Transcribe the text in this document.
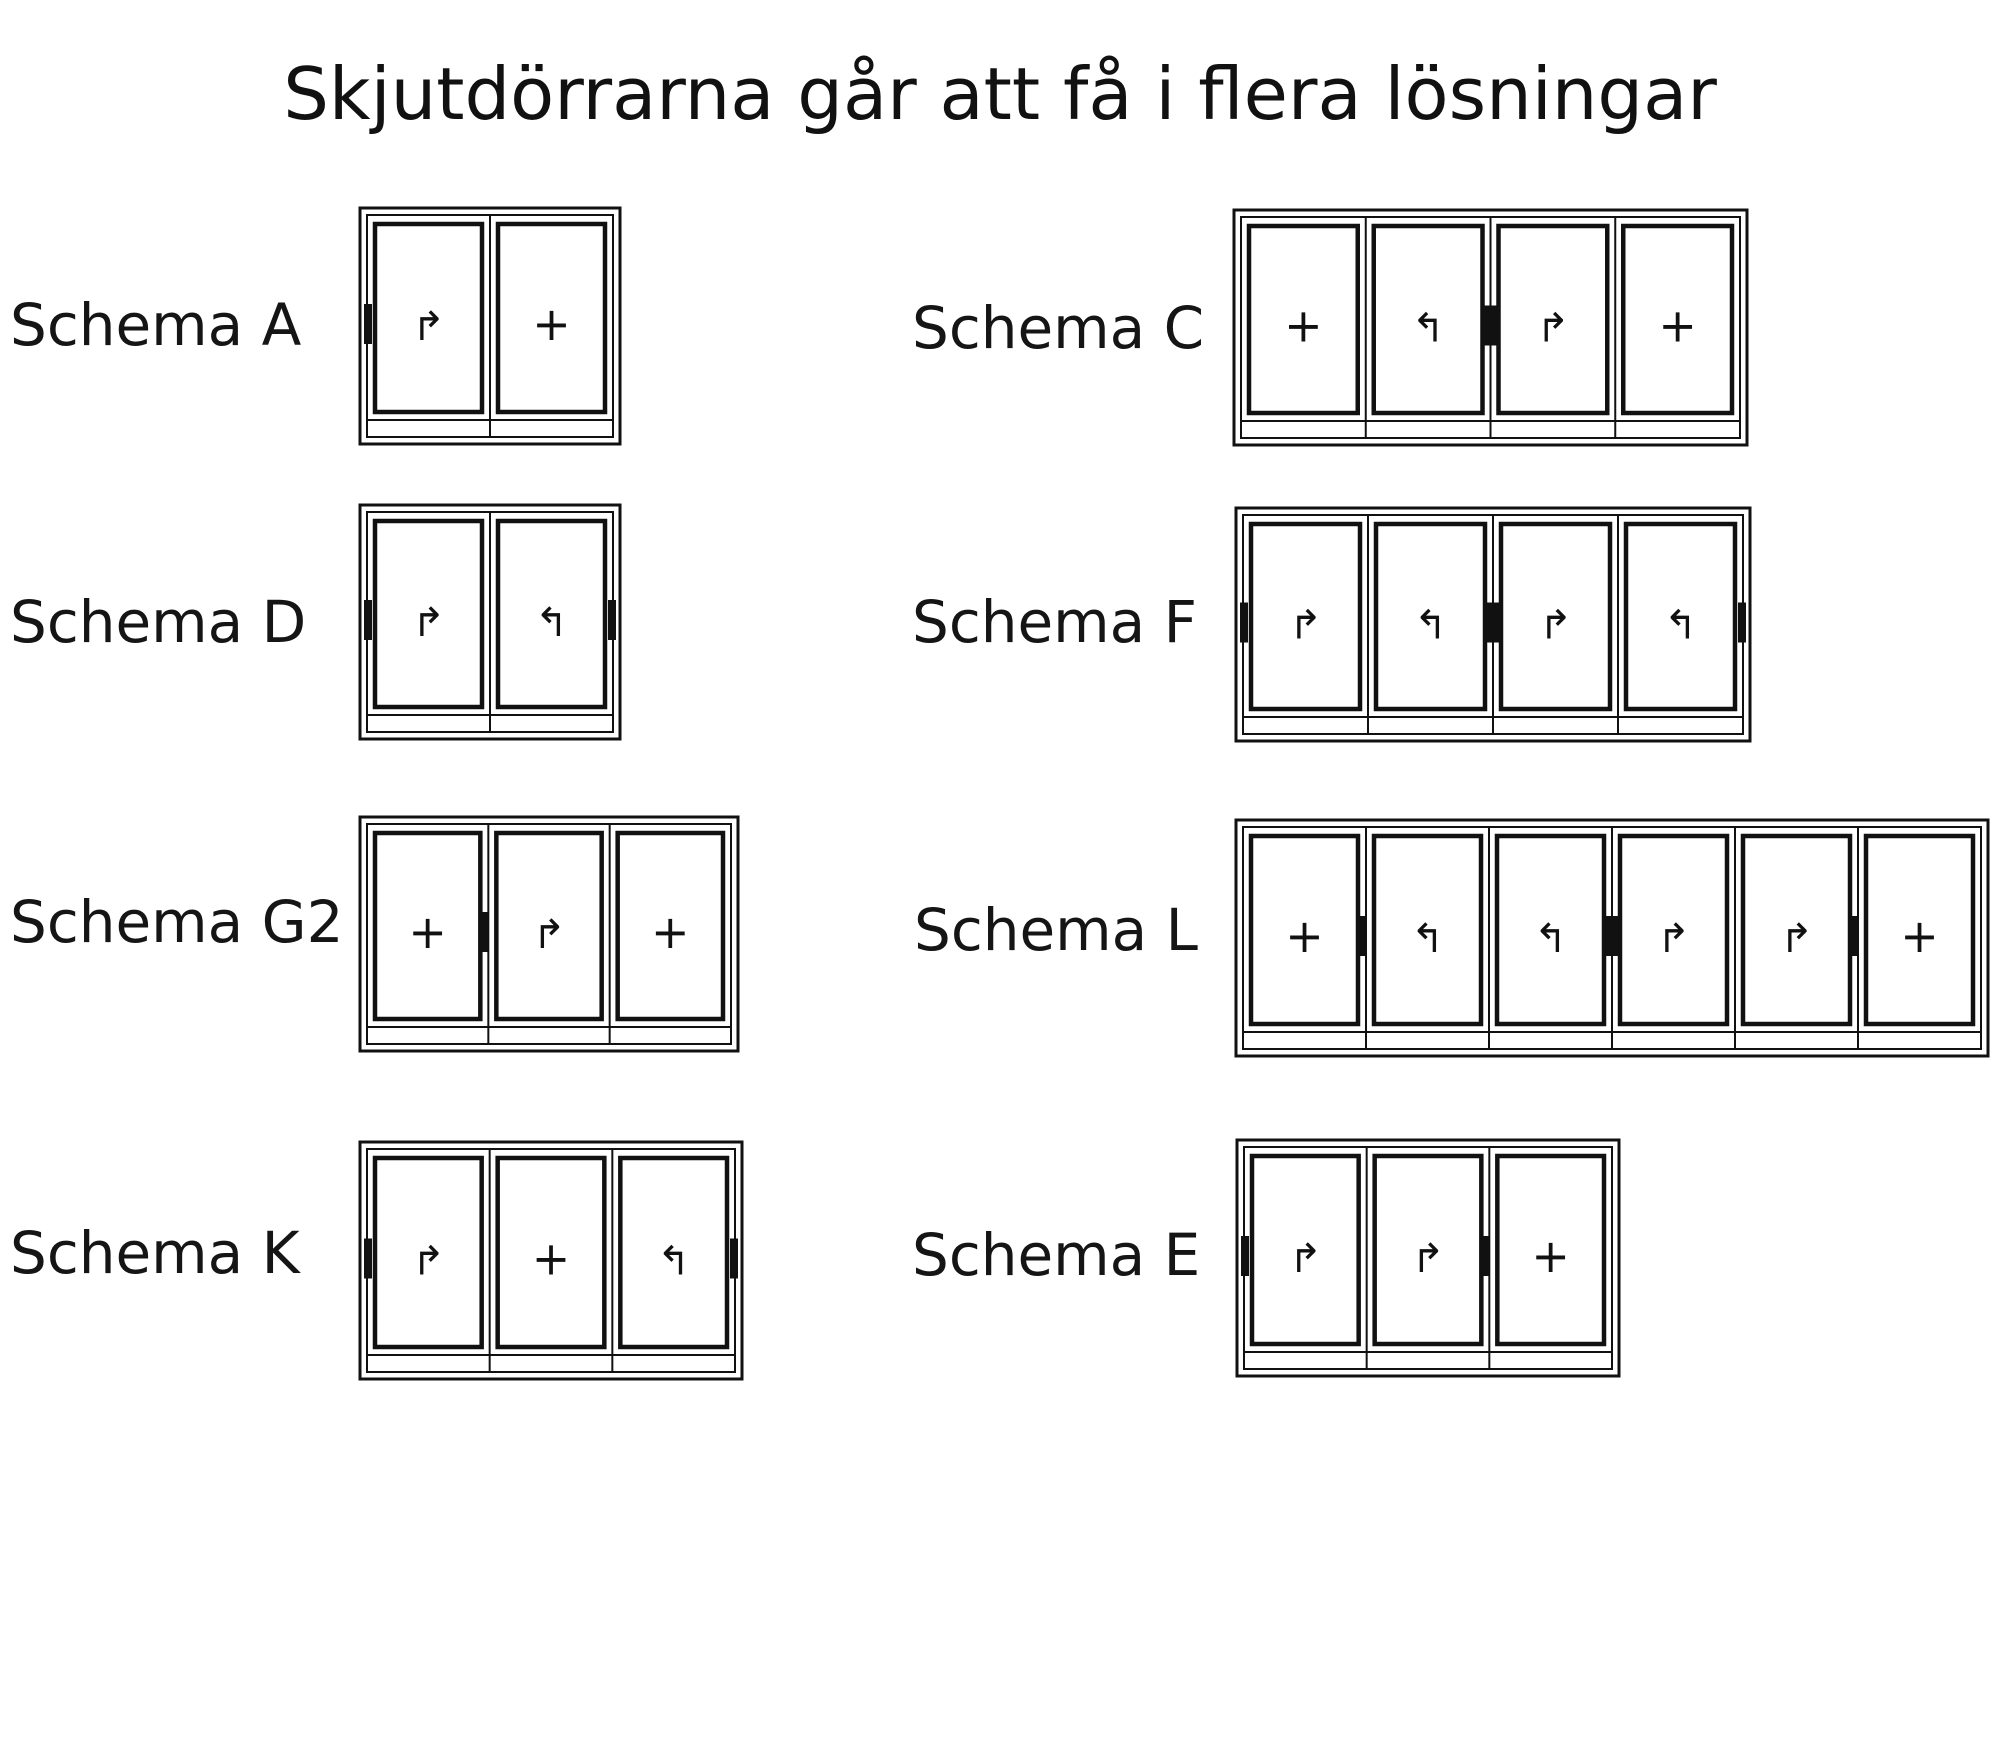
Skjutdörrarna går att få i flera lösningar
Schema A	↱ +	Schema C + ↰ ↱ +
Schema D	↱ ↰	Schema F ↱ ↰ ↱ ↰
Schema G2 + ↱ +	Schema L + ↰ ↰ ↱ ↱ +
Schema K	↱ + ↰	Schema E ↱ ↱ +
